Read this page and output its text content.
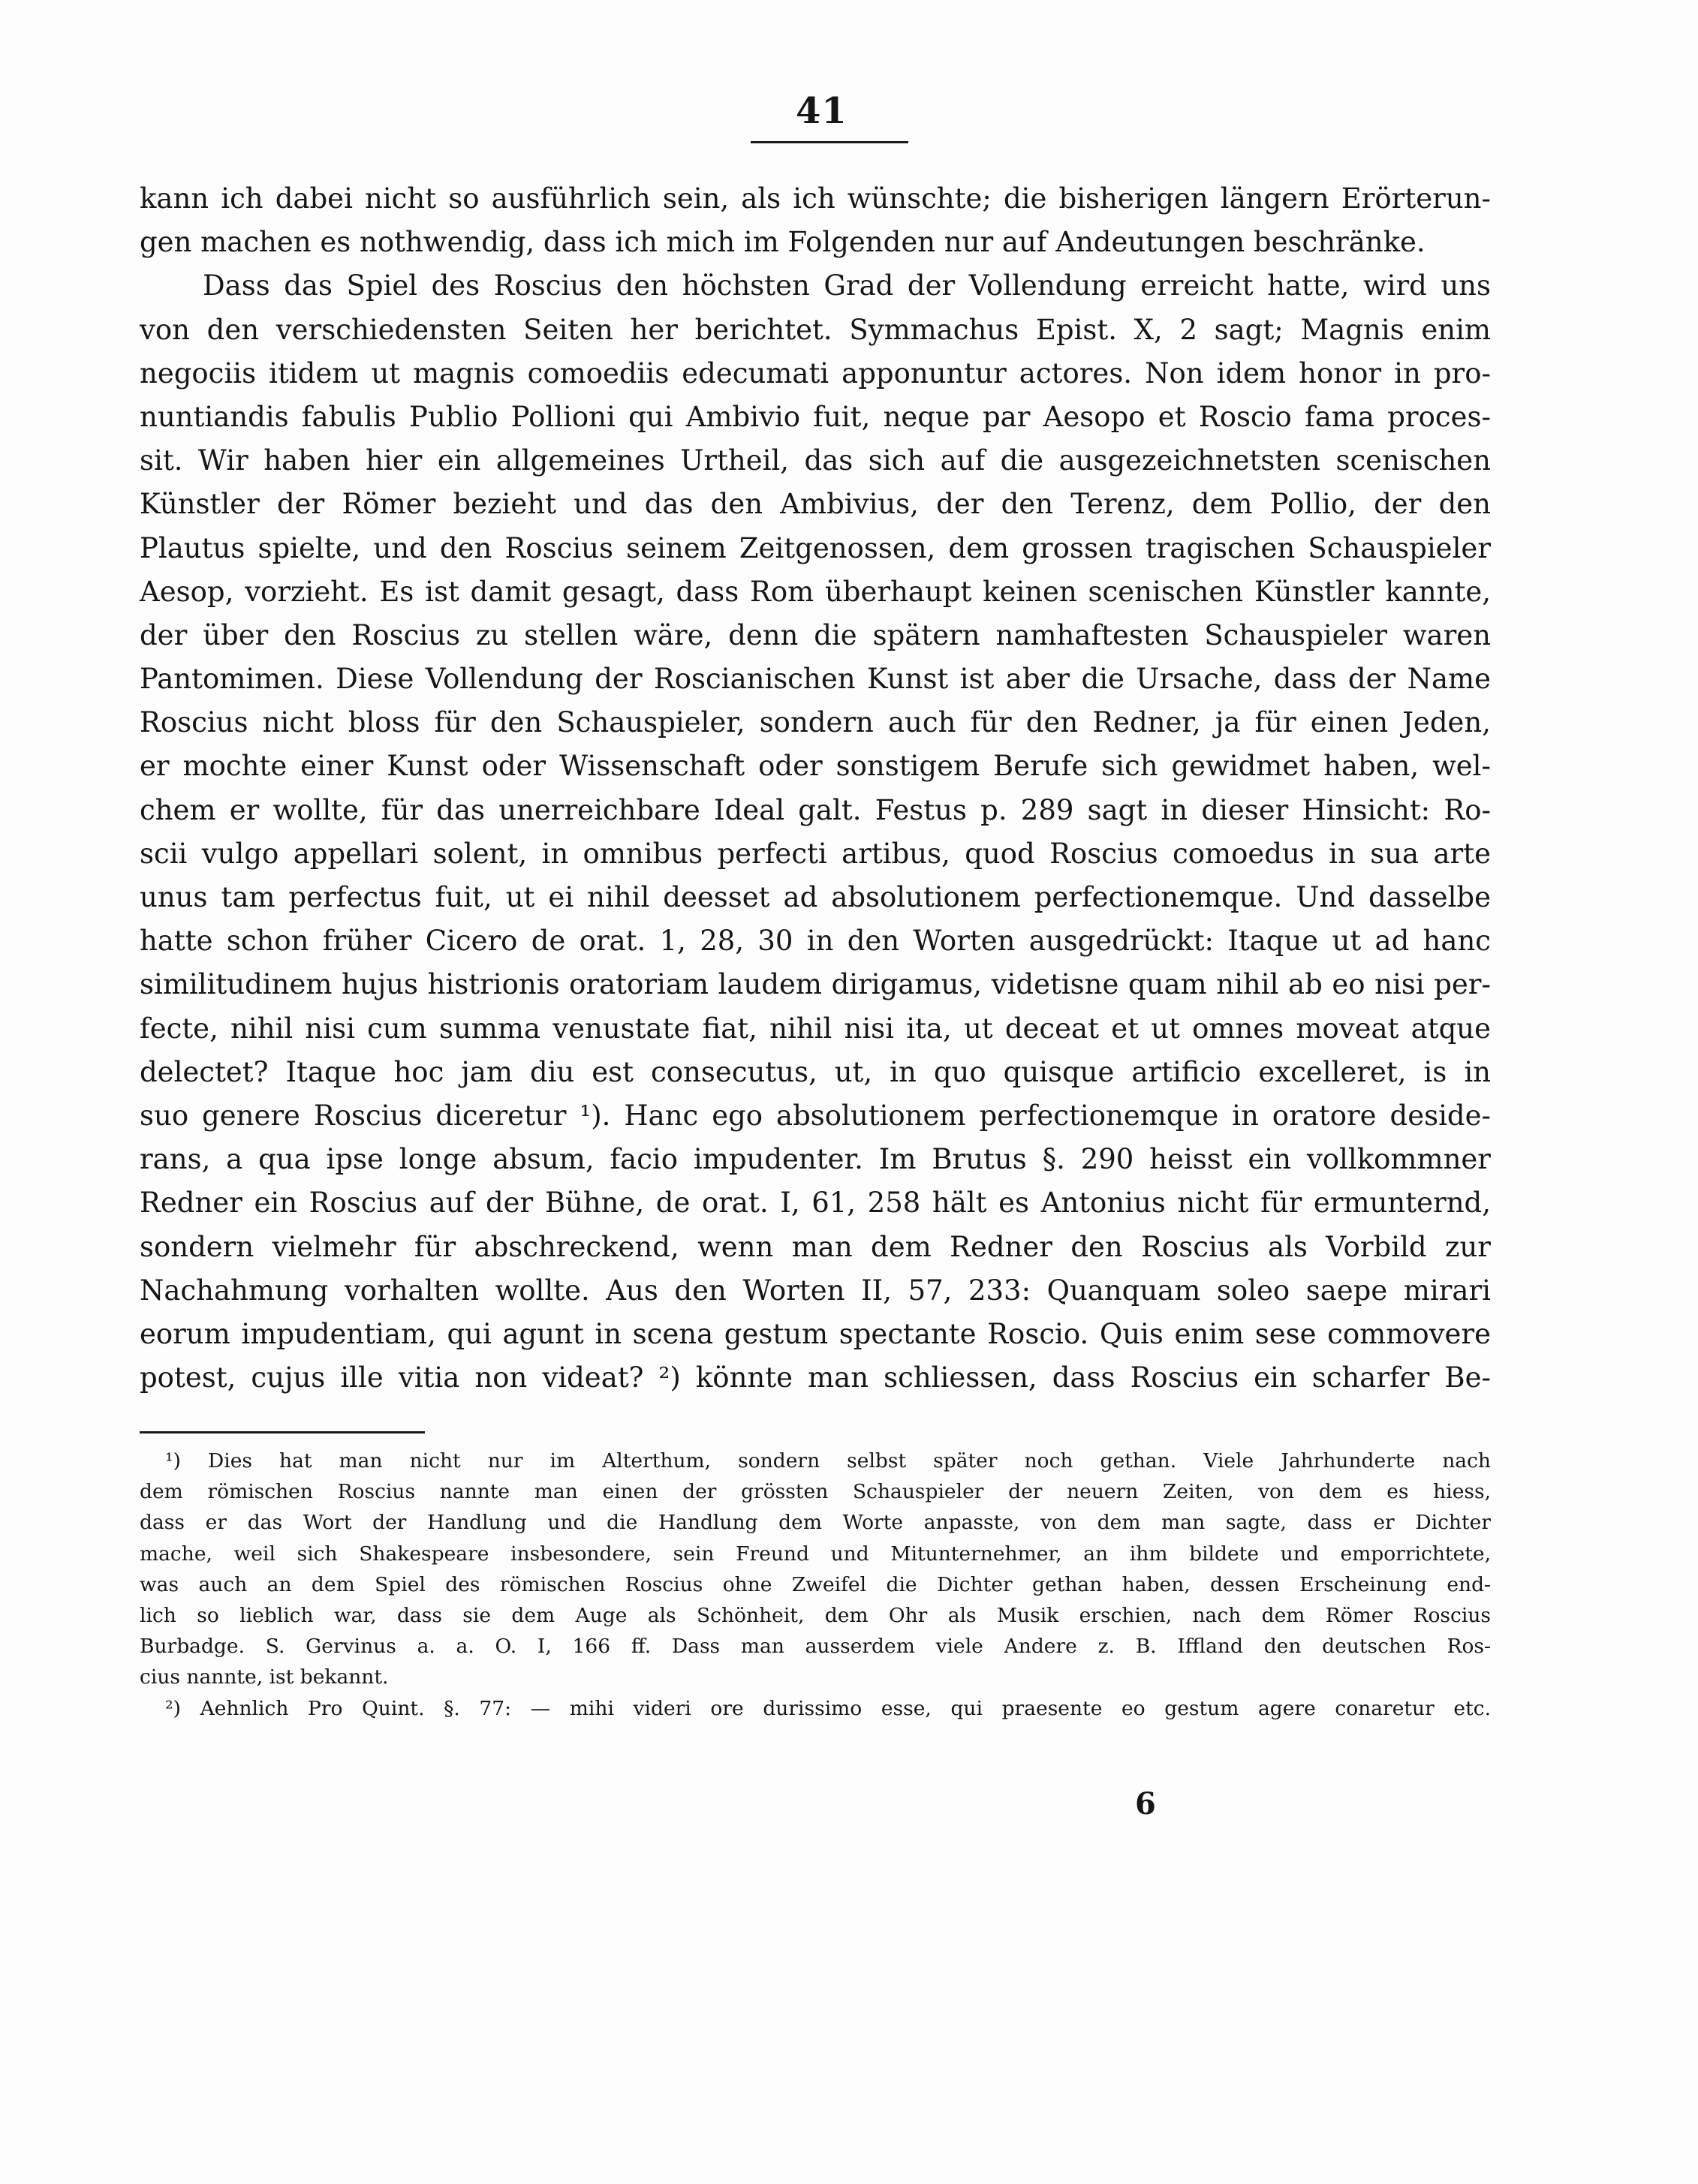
41
kann ich dabei nicht so ausführlich sein, als ich wünschte; die bisherigen längern Erörterun-
gen machen es nothwendig, dass ich mich im Folgenden nur auf Andeutungen beschränke.
Dass das Spiel des Roscius den höchsten Grad der Vollendung erreicht hatte, wird uns
von den verschiedensten Seiten her berichtet. Symmachus Epist. X, 2 sagt; Magnis enim
negociis itidem ut magnis comoediis edecumati apponuntur actores. Non idem honor in pro-
nuntiandis fabulis Publio Pollioni qui Ambivio fuit, neque par Aesopo et Roscio fama proces-
sit. Wir haben hier ein allgemeines Urtheil, das sich auf die ausgezeichnetsten scenischen
Künstler der Römer bezieht und das den Ambivius, der den Terenz, dem Pollio, der den
Plautus spielte, und den Roscius seinem Zeitgenossen, dem grossen tragischen Schauspieler
Aesop, vorzieht. Es ist damit gesagt, dass Rom überhaupt keinen scenischen Künstler kannte,
der über den Roscius zu stellen wäre, denn die spätern namhaftesten Schauspieler waren
Pantomimen. Diese Vollendung der Roscianischen Kunst ist aber die Ursache, dass der Name
Roscius nicht bloss für den Schauspieler, sondern auch für den Redner, ja für einen Jeden,
er mochte einer Kunst oder Wissenschaft oder sonstigem Berufe sich gewidmet haben, wel-
chem er wollte, für das unerreichbare Ideal galt. Festus p. 289 sagt in dieser Hinsicht: Ro-
scii vulgo appellari solent, in omnibus perfecti artibus, quod Roscius comoedus in sua arte
unus tam perfectus fuit, ut ei nihil deesset ad absolutionem perfectionemque. Und dasselbe
hatte schon früher Cicero de orat. 1, 28, 30 in den Worten ausgedrückt: Itaque ut ad hanc
similitudinem hujus histrionis oratoriam laudem dirigamus, videtisne quam nihil ab eo nisi per-
fecte, nihil nisi cum summa venustate fiat, nihil nisi ita, ut deceat et ut omnes moveat atque
delectet? Itaque hoc jam diu est consecutus, ut, in quo quisque artificio excelleret, is in
suo genere Roscius diceretur ¹). Hanc ego absolutionem perfectionemque in oratore deside-
rans, a qua ipse longe absum, facio impudenter. Im Brutus §. 290 heisst ein vollkommner
Redner ein Roscius auf der Bühne, de orat. I, 61, 258 hält es Antonius nicht für ermunternd,
sondern vielmehr für abschreckend, wenn man dem Redner den Roscius als Vorbild zur
Nachahmung vorhalten wollte. Aus den Worten II, 57, 233: Quanquam soleo saepe mirari
eorum impudentiam, qui agunt in scena gestum spectante Roscio. Quis enim sese commovere
potest, cujus ille vitia non videat? ²) könnte man schliessen, dass Roscius ein scharfer Be-
¹) Dies hat man nicht nur im Alterthum, sondern selbst später noch gethan. Viele Jahrhunderte nach
dem römischen Roscius nannte man einen der grössten Schauspieler der neuern Zeiten, von dem es hiess,
dass er das Wort der Handlung und die Handlung dem Worte anpasste, von dem man sagte, dass er Dichter
mache, weil sich Shakespeare insbesondere, sein Freund und Mitunternehmer, an ihm bildete und emporrichtete,
was auch an dem Spiel des römischen Roscius ohne Zweifel die Dichter gethan haben, dessen Erscheinung end-
lich so lieblich war, dass sie dem Auge als Schönheit, dem Ohr als Musik erschien, nach dem Römer Roscius
Burbadge. S. Gervinus a. a. O. I, 166 ff. Dass man ausserdem viele Andere z. B. Iffland den deutschen Ros-
cius nannte, ist bekannt.
²) Aehnlich Pro Quint. §. 77: — mihi videri ore durissimo esse, qui praesente eo gestum agere conaretur etc.
6
